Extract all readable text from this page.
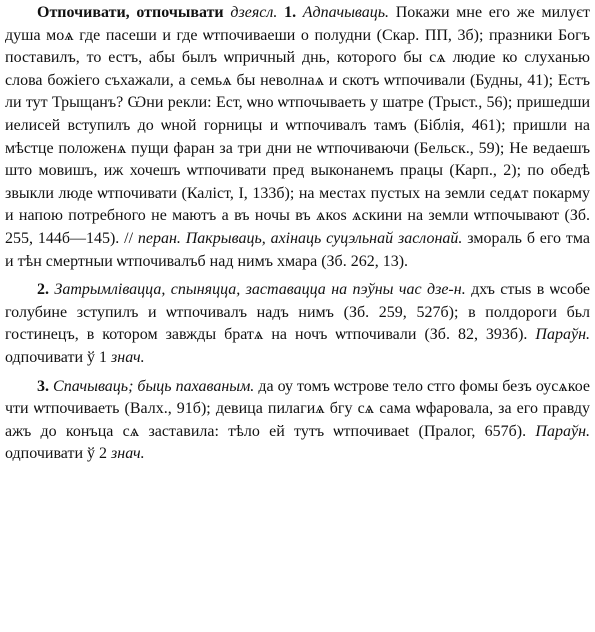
Отпочивати, отпочывати дзеясл. 1. Адпачываць. Покажи мне его же милуєт душа моѧ где пасеши и где ѡтпочиваеши о полудни (Скар. ПП, 3б); празники Богъ поставилъ, то естъ, абы былъ ѡпричный днь, которого бы сѧ людие ко слуханью слова божіего съхажали, а семьѧ бы неволнаѧ и скотъ ѡтпочивали (Будны, 41); Естъ ли тут Трыщанъ? Ѡни рекли: Ест, ѡно ѡтпочываеть у шатре (Трыст., 56); пришедши иелисей вступилъ до ѡной горницы и ѡтпочивалъ тамъ (Біблія, 461); пришли на мѣстце положенѧ пущи фаран за три дни не ѡтпочиваючи (Бельск., 59); Не ведаешъ што мовишъ, иж хочешъ ѡтпочивати пред выконанемъ працы (Карп., 2); по обедѣ звыкли люде ѡтпочивати (Каліст, I, 133б); на местах пустых на земли седѧт покарму и напою потребного не маютъ а въ ночы въ ѧкоs ѧскини на земли ѡтпочывают (Зб. 255, 144б—145). // перан. Пакрываць, ахінаць суцэльнай заслонай. змораль б его тма и тѣн смертныи ѡтпочивалъб над нимъ хмара (Зб. 262, 13).

2. Затрымлівацца, спыняцца, заставацца на пэўны час дзе-н. дхъ стыs в ѡсобе голубине зступилъ и ѡтпочивалъ надъ нимъ (Зб. 259, 527б); в полдороги бьл гостинецъ, в котором завжды братѧ на ночъ ѡтпочивали (Зб. 82, 393б). Параўн. одпочивати ў 1 знач.

3. Спачываць; быць пахаваным. да оу томъ ѡстрове тело стго фомы безъ оусѧкое чти ѡтпочиваеть (Валх., 91б); девица пилагиѧ бгу сѧ сама ѡфаровала, за его правду ажъ до конъца сѧ заставила: тѣло ей тутъ ѡтпочиваеt (Пралог, 657б). Параўн. одпочивати ў 2 знач.
